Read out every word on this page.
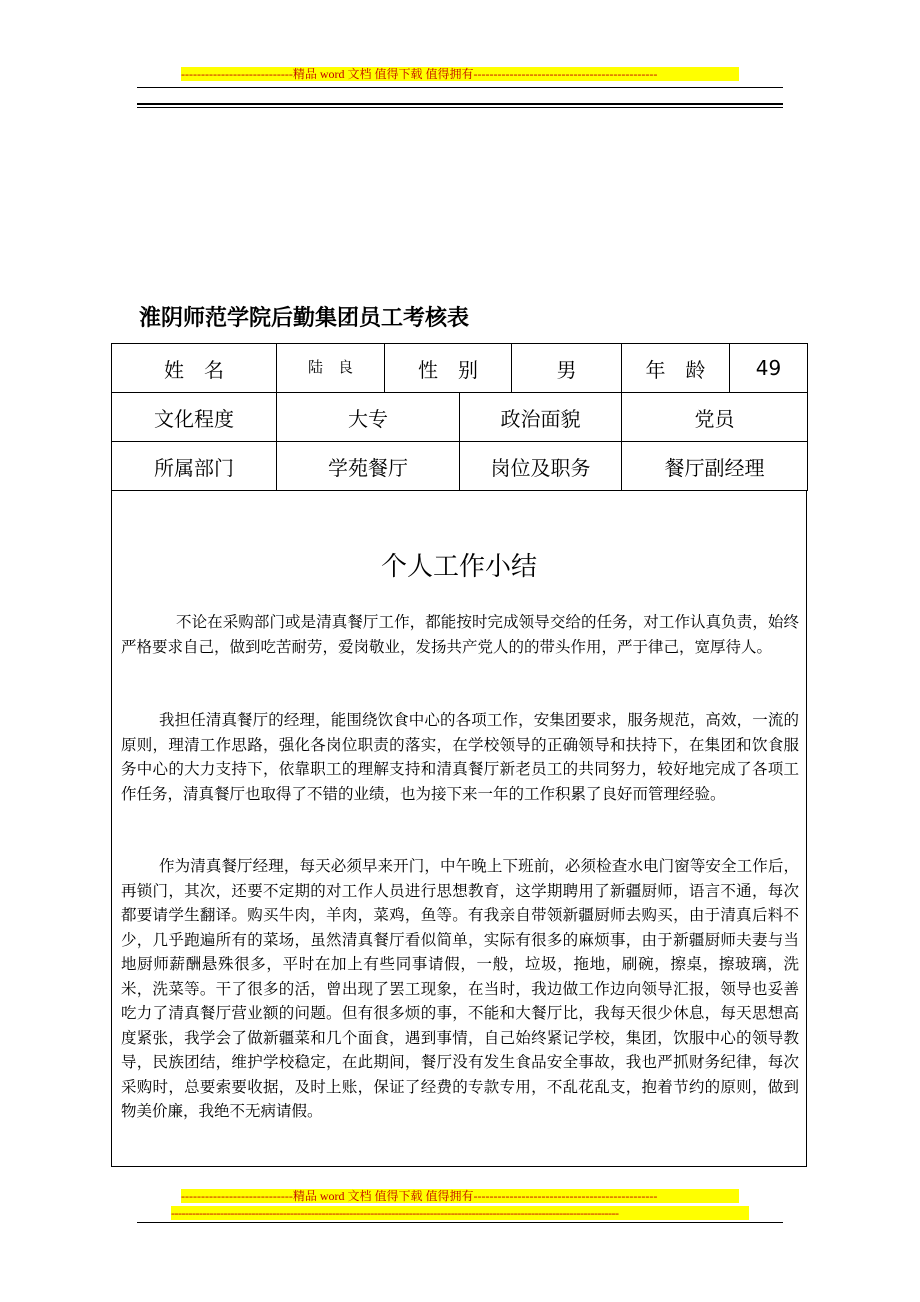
----------------------------精品 word 文档 值得下载 值得拥有----------------------------------------------
淮阴师范学院后勤集团员工考核表
姓　名	陆　良	性　别		男	年　龄	49
文化程度	大专		政治面貌		党员	
所属部门	学苑餐厅		岗位及职务		餐厅副经理	
个人工作小结

不论在采购部门或是清真餐厅工作，都能按时完成领导交给的任务，对工作认真负责，始终严格要求自己，做到吃苦耐劳，爱岗敬业，发扬共产党人的的带头作用，严于律己，宽厚待人。

我担任清真餐厅的经理，能围绕饮食中心的各项工作，安集团要求，服务规范，高效，一流的原则，理清工作思路，强化各岗位职责的落实，在学校领导的正确领导和扶持下，在集团和饮食服务中心的大力支持下，依靠职工的理解支持和清真餐厅新老员工的共同努力，较好地完成了各项工作任务，清真餐厅也取得了不错的业绩，也为接下来一年的工作积累了良好而管理经验。

作为清真餐厅经理，每天必须早来开门，中午晚上下班前，必须检查水电门窗等安全工作后，再锁门，其次，还要不定期的对工作人员进行思想教育，这学期聘用了新疆厨师，语言不通，每次都要请学生翻译。购买牛肉，羊肉，菜鸡，鱼等。有我亲自带领新疆厨师去购买，由于清真后料不少，几乎跑遍所有的菜场，虽然清真餐厅看似简单，实际有很多的麻烦事，由于新疆厨师夫妻与当地厨师薪酬悬殊很多，平时在加上有些同事请假，一般，垃圾，拖地，刷碗，擦桌，擦玻璃，洗米，洗菜等。干了很多的活，曾出现了罢工现象，在当时，我边做工作边向领导汇报，领导也妥善吃力了清真餐厅营业额的问题。但有很多烦的事，不能和大餐厅比，我每天很少休息，每天思想高度紧张，我学会了做新疆菜和几个面食，遇到事情，自己始终紧记学校，集团，饮服中心的领导教导，民族团结，维护学校稳定，在此期间，餐厅没有发生食品安全事故，我也严抓财务纪律，每次采购时，总要索要收据，及时上账，保证了经费的专款专用，不乱花乱支，抱着节约的原则，做到物美价廉，我绝不无病请假。

----------------------------精品 word 文档 值得下载 值得拥有----------------------------------------------
--------------------------------------------------------------------------------------------------------------------------------
